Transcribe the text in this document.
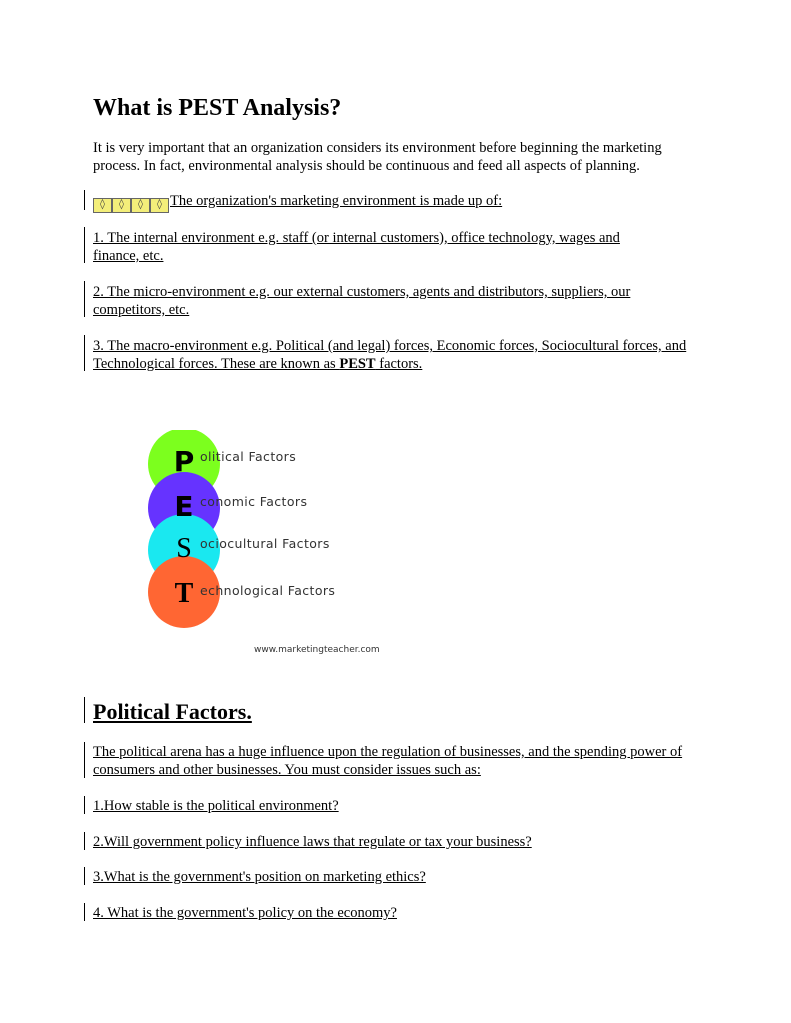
What is PEST Analysis?

It is very important that an organization considers its environment before beginning the marketing process. In fact, environmental analysis should be continuous and feed all aspects of planning.

◊	◊	◊	◊ The organization's marketing environment is made up of:

1. The internal environment e.g. staff (or internal customers), office technology, wages and finance, etc.

2. The micro-environment e.g. our external customers, agents and distributors, suppliers, our competitors, etc.

3. The macro-environment e.g. Political (and legal) forces, Economic forces, Sociocultural forces, and Technological forces. These are known as PEST factors.

P
E
S
T
olitical Factors
conomic Factors
ociocultural Factors
echnological Factors
www.marketingteacher.com
Political Factors.

The political arena has a huge influence upon the regulation of businesses, and the spending power of consumers and other businesses. You must consider issues such as:

1.How stable is the political environment?

2.Will government policy influence laws that regulate or tax your business?

3.What is the government's position on marketing ethics?

4. What is the government's policy on the economy?
